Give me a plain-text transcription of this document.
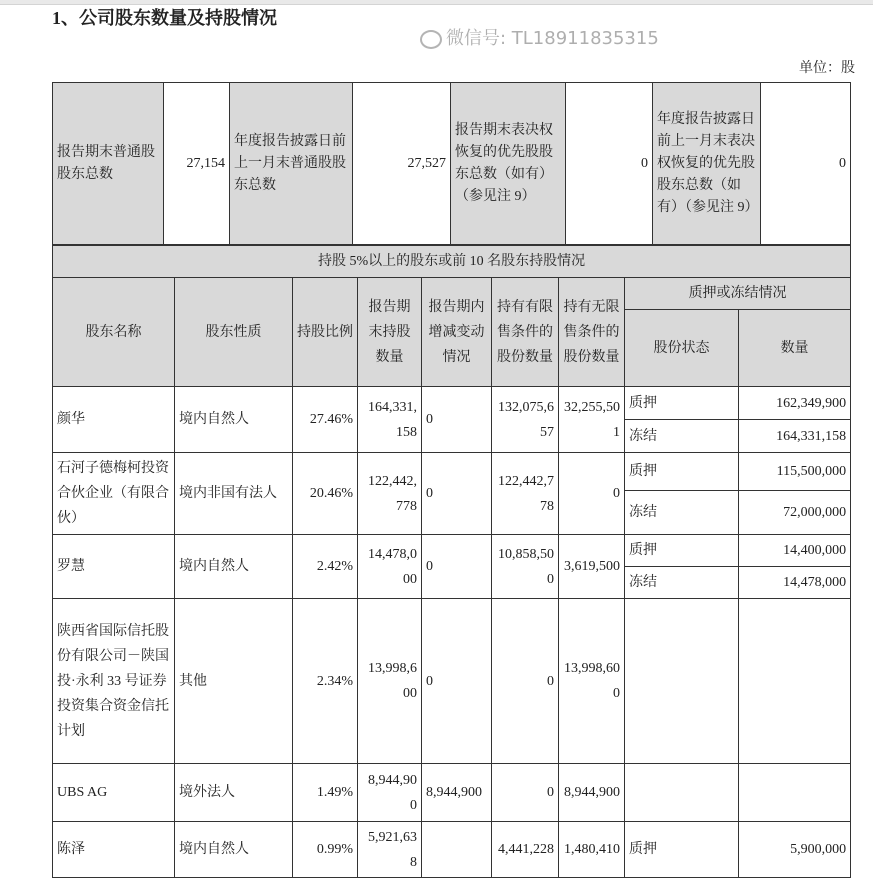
1、公司股东数量及持股情况
微信号: TL18911835315
单位：股
报告期末普通股股东总数	27,154	年度报告披露日前上一月末普通股股东总数	27,527	报告期末表决权恢复的优先股股东总数（如有）（参见注 9）	0	年度报告披露日前上一月末表决权恢复的优先股股东总数（如有）（参见注 9）	0
持股 5%以上的股东或前 10 名股东持股情况								
股东名称	股东性质	持股比例	报告期末持股数量	报告期内增减变动情况	持有有限售条件的股份数量	持有无限售条件的股份数量	质押或冻结情况	
							股份状态	数量
颜华	境内自然人	27.46%	164,331,158	0	132,075,657	32,255,501	质押	162,349,900
							冻结	164,331,158
石河子德梅柯投资合伙企业（有限合伙）	境内非国有法人	20.46%	122,442,778	0	122,442,778	0	质押	115,500,000
							冻结	72,000,000
罗慧	境内自然人	2.42%	14,478,000	0	10,858,500	3,619,500	质押	14,400,000
							冻结	14,478,000
陕西省国际信托股份有限公司－陕国投·永利 33 号证券投资集合资金信托计划	其他	2.34%	13,998,600	0	0	13,998,600		
UBS AG	境外法人	1.49%	8,944,900	8,944,900	0	8,944,900		
陈泽	境内自然人	0.99%	5,921,638		4,441,228	1,480,410	质押	5,900,000
